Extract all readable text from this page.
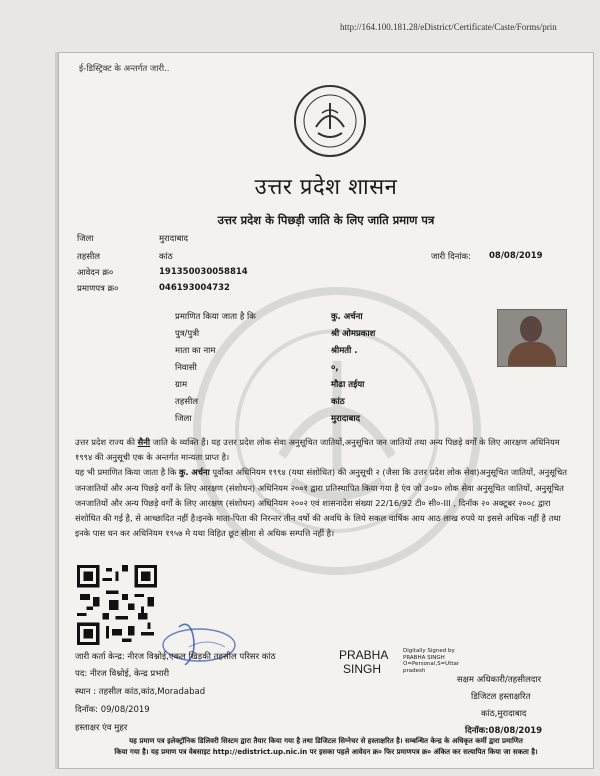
http://164.100.181.28/eDistrict/Certificate/Caste/Forms/prin
ई-डिस्ट्रिक्ट के अन्तर्गत जारी..
उत्तर प्रदेश शासन
उत्तर प्रदेश के पिछड़ी जाति के लिए जाति प्रमाण पत्र
जिला	मुरादाबाद
तहसील	कांठ
आवेदन क्र०	191350030058814
प्रमाणपत्र क्र०	046193004732
जारी दिनांक: 08/08/2019
प्रमाणित किया जाता है कि	कु. अर्चना
पुत्र/पुत्री	श्री ओमप्रकाश
माता का नाम	श्रीमती .
निवासी	०,
ग्राम	मौढा तईया
तहसील	कांठ
जिला	मुरादाबाद

उत्तर प्रदेश राज्य की सैनी जाति के व्यक्ति हैं। यह उत्तर प्रदेश लोक सेवा अनुसूचित जातियों,अनुसूचित जन जातियों तथा अन्य पिछड़े वर्गों के लिए आरक्षण अधिनियम १९९४ की अनुसूची एक के अन्तर्गत मान्यता प्राप्त है।

यह भी प्रमाणित किया जाता है कि कु. अर्चना पूर्वोक्त अधिनियम १९९४ (यथा संशोधित) की अनुसूची २ (जैसा कि उत्तर प्रदेश लोक सेवा)अनुसूचित जातियों, अनुसूचित जनजातियों और अन्य पिछड़े वर्गों के लिए आरक्षण (संशोधन) अधिनियम २००१ द्वारा प्रतिस्थापित किया गया है एंव जो उ०प्र० लोक सेवा अनुसूचित जातियों, अनुसूचित जनजातियों और अन्य पिछड़े वर्गों के लिए आरक्षण (संशोधन) अधिनियम २००२ एवं शासनादेश संख्या 22/16/92 टी० सी०-III , दिनॉक २० अक्टूबर २००८ द्वारा संशोधित की गई है, से आच्छादित नहीं है।इनके माता-पिता की निरन्तर तीन वर्षो की अवधि के लिये सकल वार्षिक आय आठ लाख रुपये या इससे अधिक नहीं है तथा इनके पास धन कर अधिनियम १९५७ मे यथा विहित छूट सीमा से अधिक सम्पत्ति नहीं है।

जारी कर्ता केन्द्र: नीरज विश्नोई,एकल खिड़की तहसील परिसर कांठ
पद: नीरज विश्नोई, केन्द्र प्रभारी
स्थान : तहसील कांठ,कांठ,Moradabad
दिनॉक: 09/08/2019
हस्ताक्षर एंव मुहर
PRABHA
SINGH
Digitally Signed by PRABHA SINGH O=Personal,S=Uttar pradesh
सक्षम अधिकारी/तहसीलदार
डिजिटल हस्ताक्षरित
कांठ,मुरादाबाद
दिनॉक:08/08/2019
यह प्रमाण पत्र इलेक्ट्रॉनिक डिलिवरी सिस्टम द्वारा तैयार किया गया है तथा डिजिटल सिग्नेचर से हस्ताक्षरित है। सम्बन्धित केन्द्र के अधिकृत कर्मी द्वारा प्रमाणित
किया गया है। यह प्रमाण पत्र वेबसाइट http://edistrict.up.nic.in पर इसका पहले आवेदन क्र० फिर प्रमाणपत्र क्र० अंकित कर सत्यापित किया जा सकता है।
